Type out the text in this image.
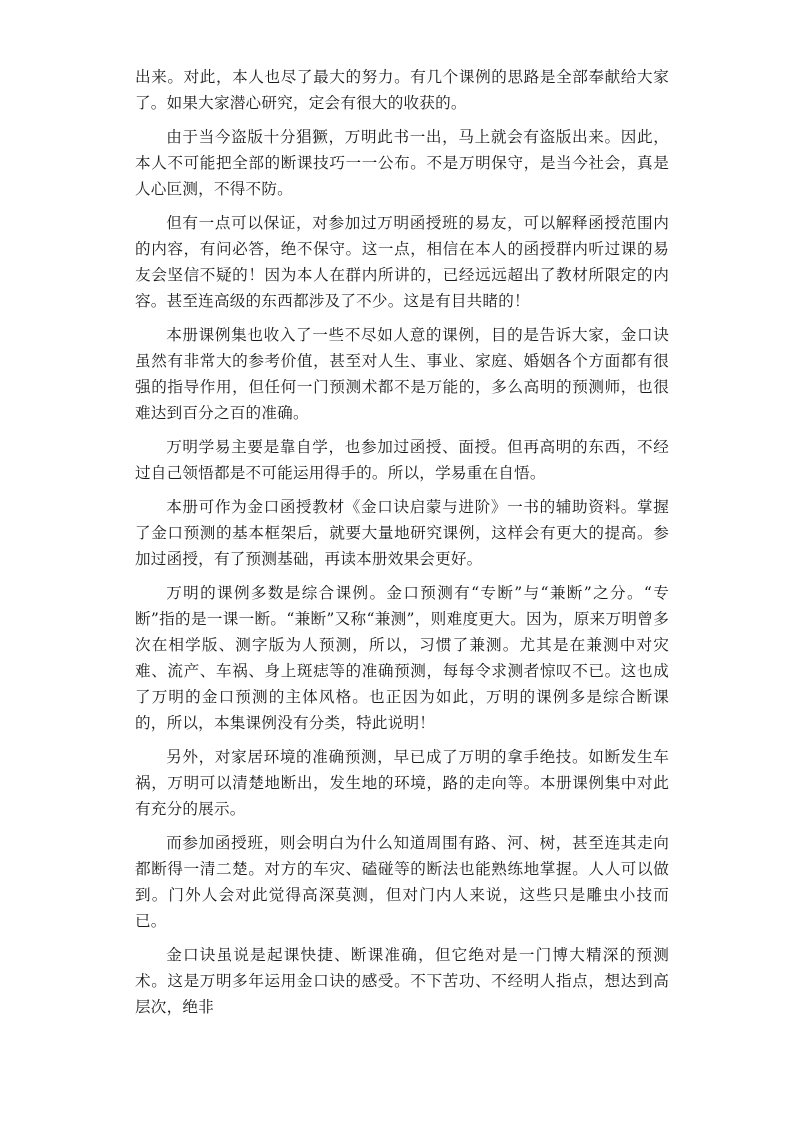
出来。对此，本人也尽了最大的努力。有几个课例的思路是全部奉献给大家了。如果大家潜心研究，定会有很大的收获的。

由于当今盗版十分猖獗，万明此书一出，马上就会有盗版出来。因此，本人不可能把全部的断课技巧一一公布。不是万明保守，是当今社会，真是人心叵测，不得不防。

但有一点可以保证，对参加过万明函授班的易友，可以解释函授范围内的内容，有问必答，绝不保守。这一点，相信在本人的函授群内听过课的易友会坚信不疑的！因为本人在群内所讲的，已经远远超出了教材所限定的内容。甚至连高级的东西都涉及了不少。这是有目共睹的！

本册课例集也收入了一些不尽如人意的课例，目的是告诉大家，金口诀虽然有非常大的参考价值，甚至对人生、事业、家庭、婚姻各个方面都有很强的指导作用，但任何一门预测术都不是万能的，多么高明的预测师，也很难达到百分之百的准确。

万明学易主要是靠自学，也参加过函授、面授。但再高明的东西，不经过自己领悟都是不可能运用得手的。所以，学易重在自悟。

本册可作为金口函授教材《金口诀启蒙与进阶》一书的辅助资料。掌握了金口预测的基本框架后，就要大量地研究课例，这样会有更大的提高。参加过函授，有了预测基础，再读本册效果会更好。

万明的课例多数是综合课例。金口预测有“专断”与“兼断”之分。“专断”指的是一课一断。“兼断”又称“兼测”，则难度更大。因为，原来万明曾多次在相学版、测字版为人预测，所以，习惯了兼测。尤其是在兼测中对灾难、流产、车祸、身上斑痣等的准确预测，每每令求测者惊叹不已。这也成了万明的金口预测的主体风格。也正因为如此，万明的课例多是综合断课的，所以，本集课例没有分类，特此说明！

另外，对家居环境的准确预测，早已成了万明的拿手绝技。如断发生车祸，万明可以清楚地断出，发生地的环境，路的走向等。本册课例集中对此有充分的展示。

而参加函授班，则会明白为什么知道周围有路、河、树，甚至连其走向都断得一清二楚。对方的车灾、磕碰等的断法也能熟练地掌握。人人可以做到。门外人会对此觉得高深莫测，但对门内人来说，这些只是雕虫小技而已。

金口诀虽说是起课快捷、断课准确，但它绝对是一门博大精深的预测术。这是万明多年运用金口诀的感受。不下苦功、不经明人指点，想达到高层次，绝非
